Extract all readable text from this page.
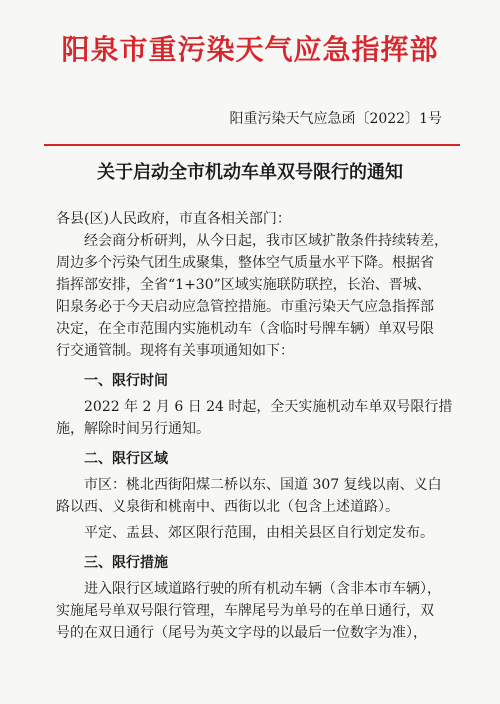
阳泉市重污染天气应急指挥部
阳重污染天气应急函〔2022〕1号
关于启动全市机动车单双号限行的通知
各县(区)人民政府，市直各相关部门：
经会商分析研判，从今日起，我市区域扩散条件持续转差，
周边多个污染气团生成聚集，整体空气质量水平下降。根据省
指挥部安排，全省“1+30”区域实施联防联控，长治、晋城、
阳泉务必于今天启动应急管控措施。市重污染天气应急指挥部
决定，在全市范围内实施机动车（含临时号牌车辆）单双号限
行交通管制。现将有关事项通知如下：
一、限行时间
2022 年 2 月 6 日 24 时起，全天实施机动车单双号限行措
施，解除时间另行通知。
二、限行区域
市区：桃北西街阳煤二桥以东、国道 307 复线以南、义白
路以西、义泉街和桃南中、西街以北（包含上述道路）。
平定、盂县、郊区限行范围，由相关县区自行划定发布。
三、限行措施
进入限行区域道路行驶的所有机动车辆（含非本市车辆），
实施尾号单双号限行管理，车牌尾号为单号的在单日通行，双
号的在双日通行（尾号为英文字母的以最后一位数字为准），
